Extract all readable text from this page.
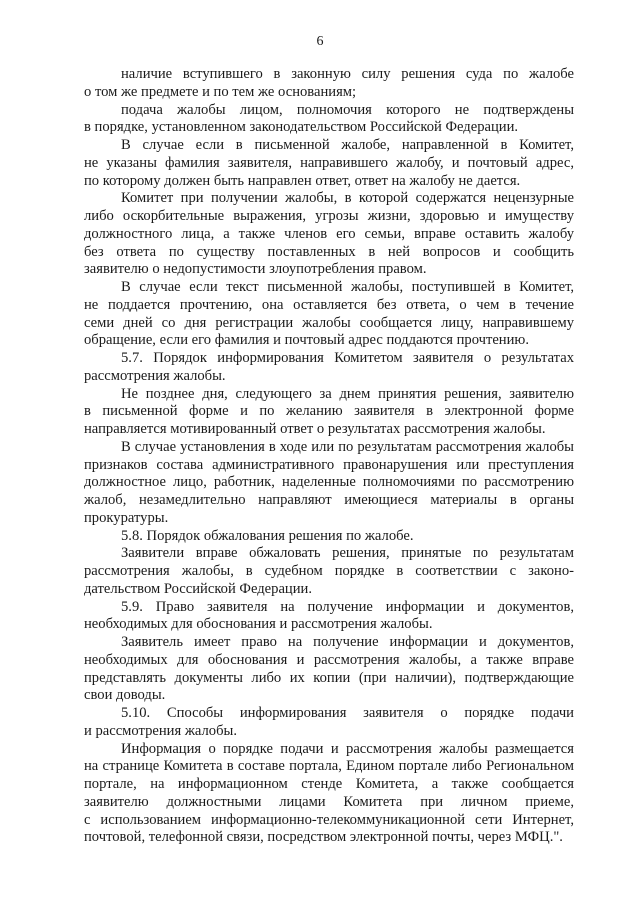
6
наличие вступившего в законную силу решения суда по жалобе
о том же предмете и по тем же основаниям;
подача жалобы лицом, полномочия которого не подтверждены
в порядке, установленном законодательством Российской Федерации.
В случае если в письменной жалобе, направленной в Комитет,
не указаны фамилия заявителя, направившего жалобу, и почтовый адрес,
по которому должен быть направлен ответ, ответ на жалобу не дается.
Комитет при получении жалобы, в которой содержатся нецензурные
либо оскорбительные выражения, угрозы жизни, здоровью и имуществу
должностного лица, а также членов его семьи, вправе оставить жалобу
без ответа по существу поставленных в ней вопросов и сообщить
заявителю о недопустимости злоупотребления правом.
В случае если текст письменной жалобы, поступившей в Комитет,
не поддается прочтению, она оставляется без ответа, о чем в течение
семи дней со дня регистрации жалобы сообщается лицу, направившему
обращение, если его фамилия и почтовый адрес поддаются прочтению.
5.7. Порядок информирования Комитетом заявителя о результатах
рассмотрения жалобы.
Не позднее дня, следующего за днем принятия решения, заявителю
в письменной форме и по желанию заявителя в электронной форме
направляется мотивированный ответ о результатах рассмотрения жалобы.
В случае установления в ходе или по результатам рассмотрения жалобы
признаков состава административного правонарушения или преступления
должностное лицо, работник, наделенные полномочиями по рассмотрению
жалоб, незамедлительно направляют имеющиеся материалы в органы
прокуратуры.
5.8. Порядок обжалования решения по жалобе.
Заявители вправе обжаловать решения, принятые по результатам
рассмотрения жалобы, в судебном порядке в соответствии с законо-
дательством Российской Федерации.
5.9. Право заявителя на получение информации и документов,
необходимых для обоснования и рассмотрения жалобы.
Заявитель имеет право на получение информации и документов,
необходимых для обоснования и рассмотрения жалобы, а также вправе
представлять документы либо их копии (при наличии), подтверждающие
свои доводы.
5.10. Способы информирования заявителя о порядке подачи
и рассмотрения жалобы.
Информация о порядке подачи и рассмотрения жалобы размещается
на странице Комитета в составе портала, Едином портале либо Региональном
портале, на информационном стенде Комитета, а также сообщается
заявителю должностными лицами Комитета при личном приеме,
с использованием информационно-телекоммуникационной сети Интернет,
почтовой, телефонной связи, посредством электронной почты, через МФЦ.".
